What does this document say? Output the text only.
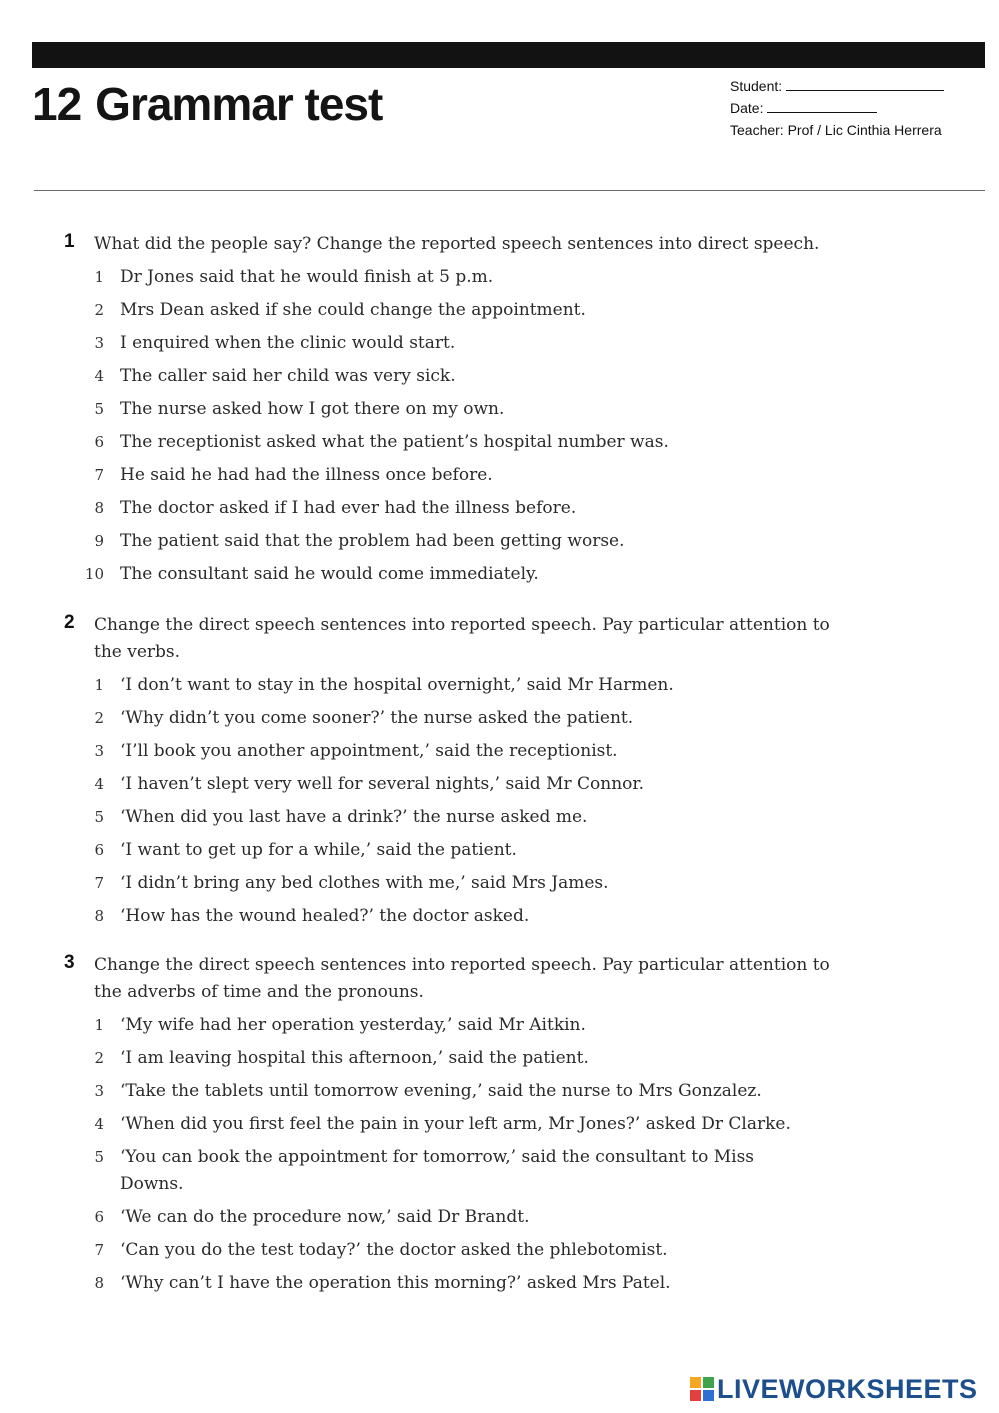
12 Grammar test	Student:
Date:
Teacher: Prof / Lic Cinthia Herrera
1	What did the people say? Change the reported speech sentences into direct speech.
1 Dr Jones said that he would finish at 5 p.m.
2 Mrs Dean asked if she could change the appointment.
3 I enquired when the clinic would start.
4 The caller said her child was very sick.
5 The nurse asked how I got there on my own.
6 The receptionist asked what the patient’s hospital number was.
7 He said he had had the illness once before.
8 The doctor asked if I had ever had the illness before.
9 The patient said that the problem had been getting worse.
10 The consultant said he would come immediately.
2	Change the direct speech sentences into reported speech. Pay particular attention to the verbs.
1 ‘I don’t want to stay in the hospital overnight,’ said Mr Harmen.
2 ‘Why didn’t you come sooner?’ the nurse asked the patient.
3 ‘I’ll book you another appointment,’ said the receptionist.
4 ‘I haven’t slept very well for several nights,’ said Mr Connor.
5 ‘When did you last have a drink?’ the nurse asked me.
6 ‘I want to get up for a while,’ said the patient.
7 ‘I didn’t bring any bed clothes with me,’ said Mrs James.
8 ‘How has the wound healed?’ the doctor asked.
3	Change the direct speech sentences into reported speech. Pay particular attention to the adverbs of time and the pronouns.
1 ‘My wife had her operation yesterday,’ said Mr Aitkin.
2 ‘I am leaving hospital this afternoon,’ said the patient.
3 ‘Take the tablets until tomorrow evening,’ said the nurse to Mrs Gonzalez.
4 ‘When did you first feel the pain in your left arm, Mr Jones?’ asked Dr Clarke.
5 ‘You can book the appointment for tomorrow,’ said the consultant to Miss Downs.
6 ‘We can do the procedure now,’ said Dr Brandt.
7 ‘Can you do the test today?’ the doctor asked the phlebotomist.
8 ‘Why can’t I have the operation this morning?’ asked Mrs Patel.
LIVEWORKSHEETS
